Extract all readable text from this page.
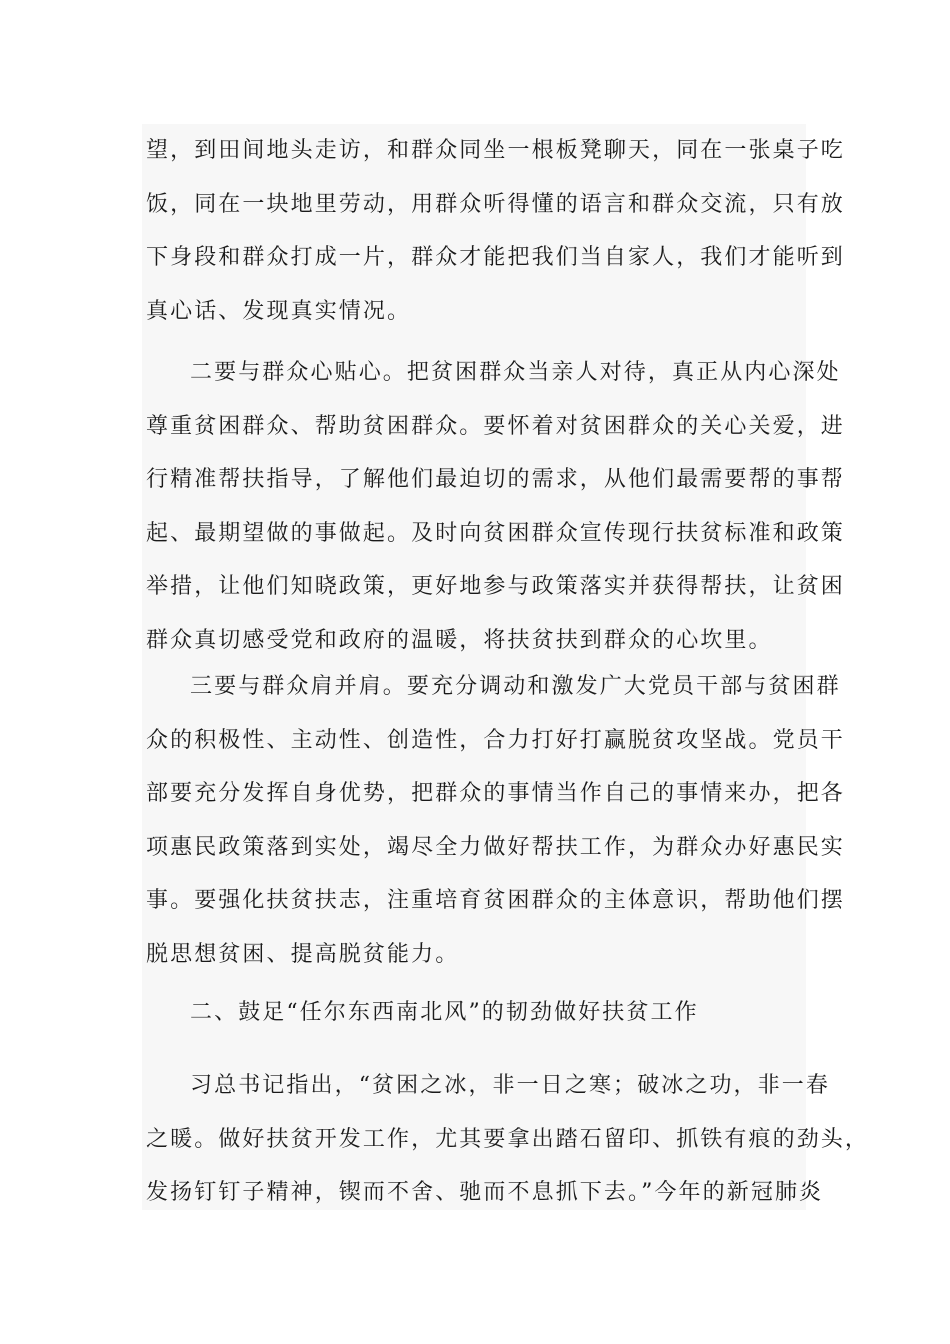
望，到田间地头走访，和群众同坐一根板凳聊天，同在一张桌子吃
饭，同在一块地里劳动，用群众听得懂的语言和群众交流，只有放
下身段和群众打成一片，群众才能把我们当自家人，我们才能听到
真心话、发现真实情况。
二要与群众心贴心。把贫困群众当亲人对待，真正从内心深处
尊重贫困群众、帮助贫困群众。要怀着对贫困群众的关心关爱，进
行精准帮扶指导，了解他们最迫切的需求，从他们最需要帮的事帮
起、最期望做的事做起。及时向贫困群众宣传现行扶贫标准和政策
举措，让他们知晓政策，更好地参与政策落实并获得帮扶，让贫困
群众真切感受党和政府的温暖，将扶贫扶到群众的心坎里。
三要与群众肩并肩。要充分调动和激发广大党员干部与贫困群
众的积极性、主动性、创造性，合力打好打赢脱贫攻坚战。党员干
部要充分发挥自身优势，把群众的事情当作自己的事情来办，把各
项惠民政策落到实处，竭尽全力做好帮扶工作，为群众办好惠民实
事。要强化扶贫扶志，注重培育贫困群众的主体意识，帮助他们摆
脱思想贫困、提高脱贫能力。
二、鼓足“任尔东西南北风”的韧劲做好扶贫工作
习总书记指出，“贫困之冰，非一日之寒；破冰之功，非一春
之暖。做好扶贫开发工作，尤其要拿出踏石留印、抓铁有痕的劲头，
发扬钉钉子精神，锲而不舍、驰而不息抓下去。”今年的新冠肺炎
